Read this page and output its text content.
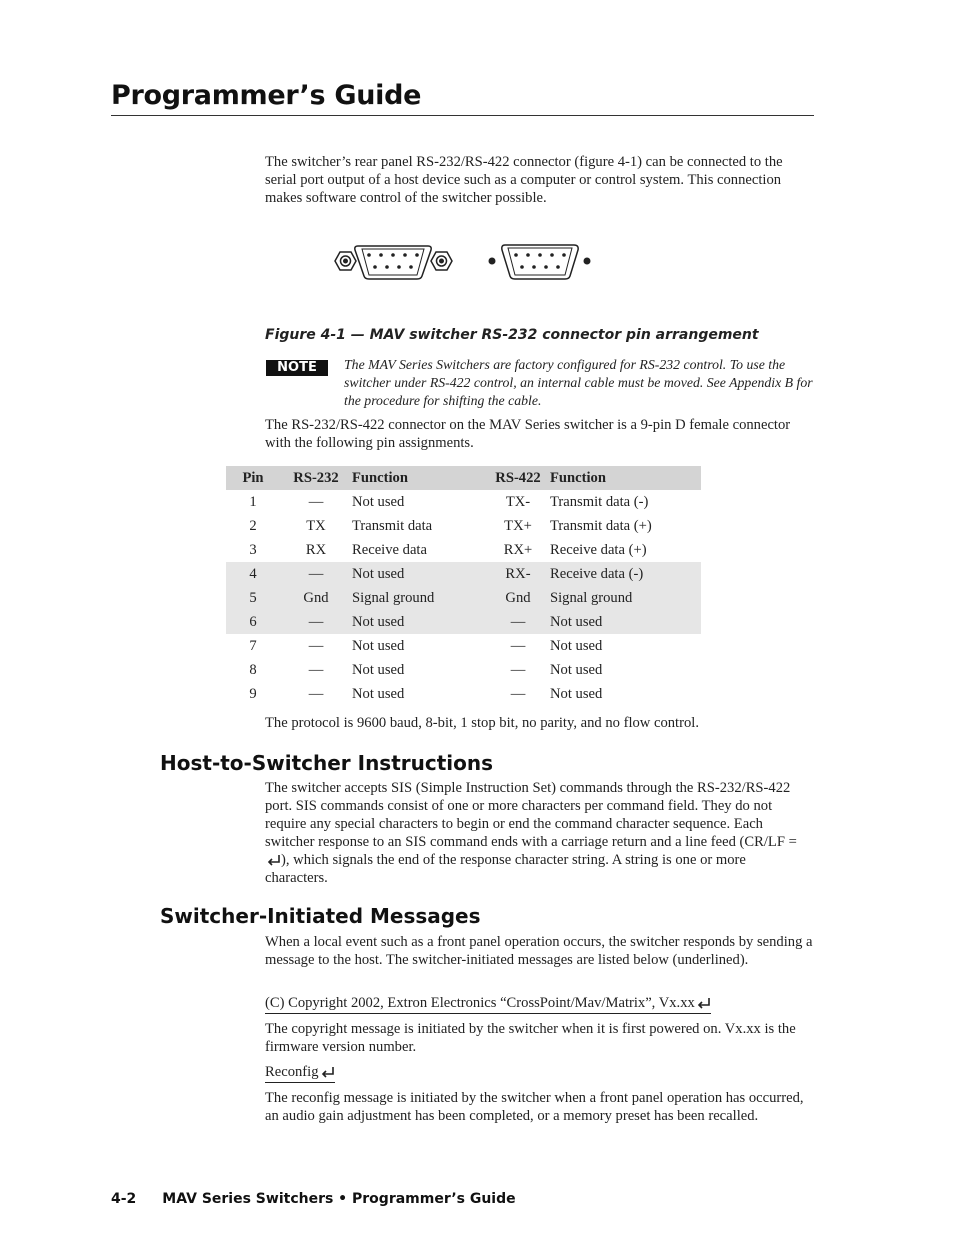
Programmer’s Guide

The switcher’s rear panel RS-232/RS-422 connector (figure 4-1) can be connected to the serial port output of a host device such as a computer or control system. This connection makes software control of the switcher possible.

Figure 4-1 — MAV switcher RS-232 connector pin arrangement

NOTE	The MAV Series Switchers are factory configured for RS-232 control. To use the switcher under RS-422 control, an internal cable must be moved. See Appendix B for the procedure for shifting the cable.

The RS-232/RS-422 connector on the MAV Series switcher is a 9-pin D female connector with the following pin assignments.

Pin	RS-232	Function	RS-422	Function
1	—	Not used	TX-	Transmit data (-)
2	TX	Transmit data	TX+	Transmit data (+)
3	RX	Receive data	RX+	Receive data (+)
4	—	Not used	RX-	Receive data (-)
5	Gnd	Signal ground	Gnd	Signal ground
6	—	Not used	—	Not used
7	—	Not used	—	Not used
8	—	Not used	—	Not used
9	—	Not used	—	Not used

The protocol is 9600 baud, 8-bit, 1 stop bit, no parity, and no flow control.

Host-to-Switcher Instructions

The switcher accepts SIS (Simple Instruction Set) commands through the RS-232/RS-422 port. SIS commands consist of one or more characters per command field. They do not require any special characters to begin or end the command character sequence. Each switcher response to an SIS command ends with a carriage return and a line feed (CR/LF = ), which signals the end of the response character string. A string is one or more characters.

Switcher-Initiated Messages

When a local event such as a front panel operation occurs, the switcher responds by sending a message to the host. The switcher-initiated messages are listed below (underlined).

(C) Copyright 2002, Extron Electronics “CrossPoint/Mav/Matrix”, Vx.xx

The copyright message is initiated by the switcher when it is first powered on. Vx.xx is the firmware version number.

Reconfig

The reconfig message is initiated by the switcher when a front panel operation has occurred, an audio gain adjustment has been completed, or a memory preset has been recalled.

4-2 MAV Series Switchers • Programmer’s Guide
